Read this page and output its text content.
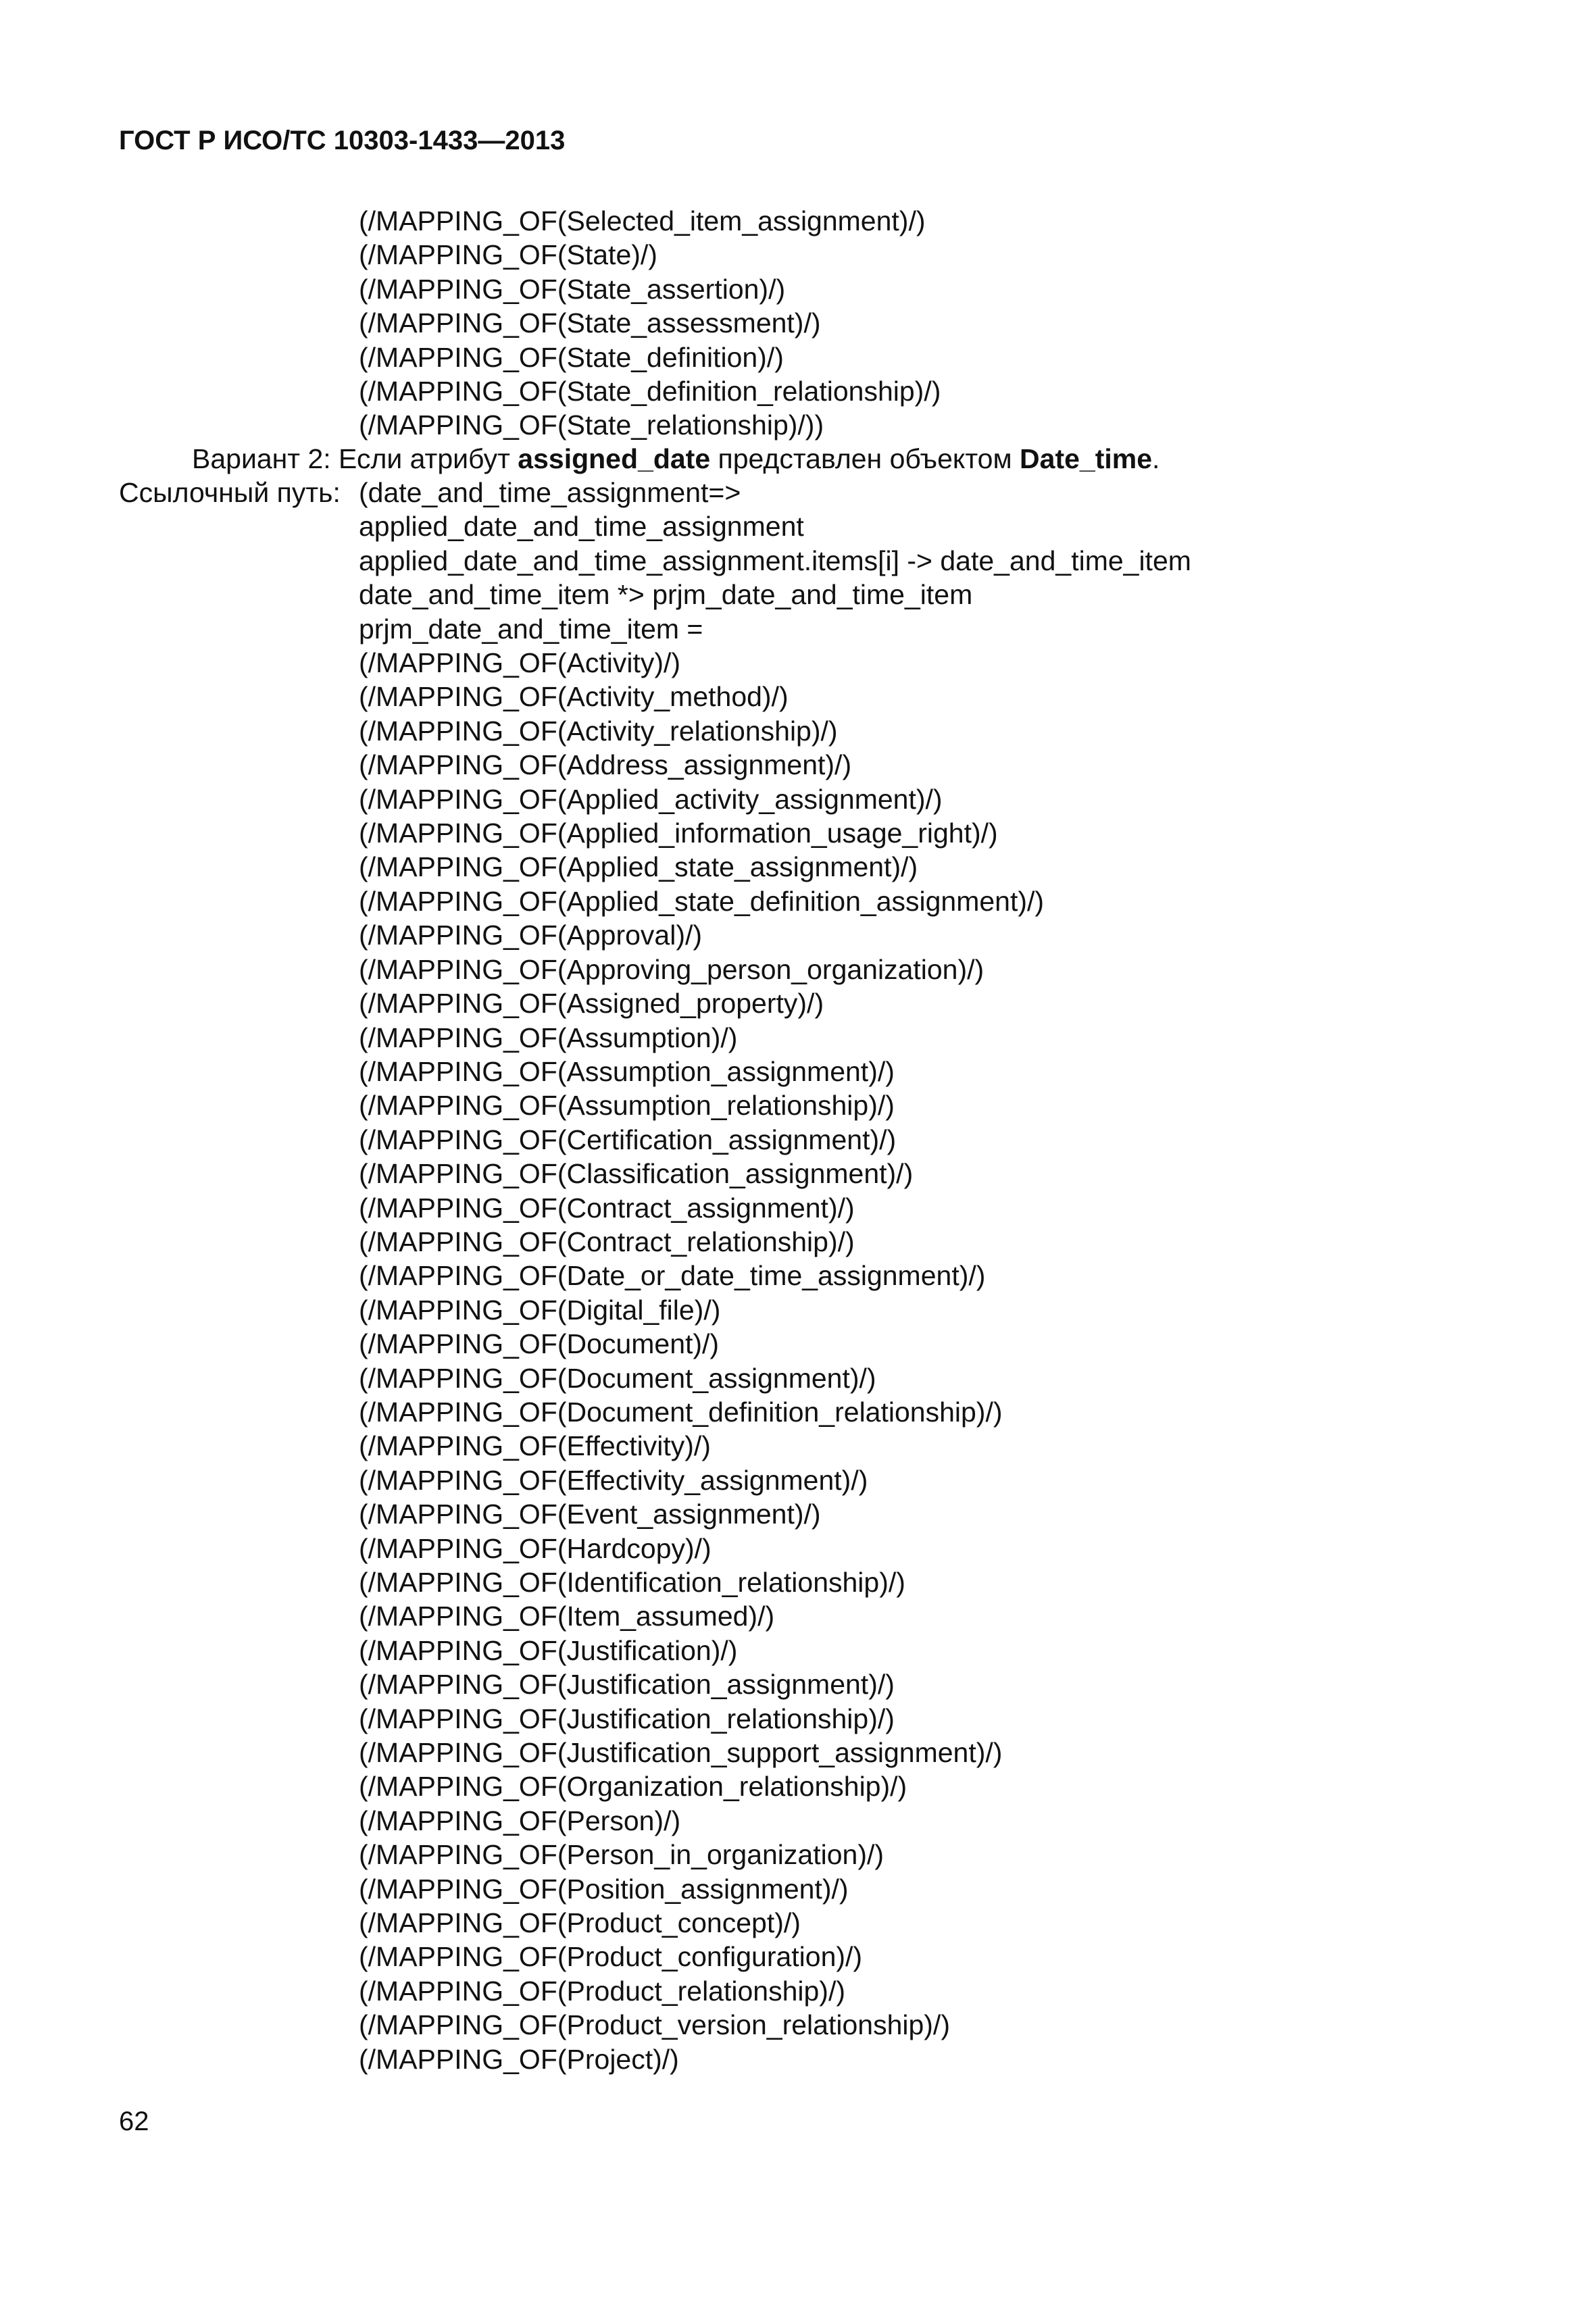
ГОСТ Р ИСО/ТС 10303-1433—2013
(/MAPPING_OF(Selected_item_assignment)/)
(/MAPPING_OF(State)/)
(/MAPPING_OF(State_assertion)/)
(/MAPPING_OF(State_assessment)/)
(/MAPPING_OF(State_definition)/)
(/MAPPING_OF(State_definition_relationship)/)
(/MAPPING_OF(State_relationship)/))
Вариант 2: Если атрибут assigned_date представлен объектом Date_time.
Ссылочный путь: (date_and_time_assignment=>
applied_date_and_time_assignment
applied_date_and_time_assignment.items[i] -> date_and_time_item
date_and_time_item *> prjm_date_and_time_item
prjm_date_and_time_item =
(/MAPPING_OF(Activity)/)
(/MAPPING_OF(Activity_method)/)
(/MAPPING_OF(Activity_relationship)/)
(/MAPPING_OF(Address_assignment)/)
(/MAPPING_OF(Applied_activity_assignment)/)
(/MAPPING_OF(Applied_information_usage_right)/)
(/MAPPING_OF(Applied_state_assignment)/)
(/MAPPING_OF(Applied_state_definition_assignment)/)
(/MAPPING_OF(Approval)/)
(/MAPPING_OF(Approving_person_organization)/)
(/MAPPING_OF(Assigned_property)/)
(/MAPPING_OF(Assumption)/)
(/MAPPING_OF(Assumption_assignment)/)
(/MAPPING_OF(Assumption_relationship)/)
(/MAPPING_OF(Certification_assignment)/)
(/MAPPING_OF(Classification_assignment)/)
(/MAPPING_OF(Contract_assignment)/)
(/MAPPING_OF(Contract_relationship)/)
(/MAPPING_OF(Date_or_date_time_assignment)/)
(/MAPPING_OF(Digital_file)/)
(/MAPPING_OF(Document)/)
(/MAPPING_OF(Document_assignment)/)
(/MAPPING_OF(Document_definition_relationship)/)
(/MAPPING_OF(Effectivity)/)
(/MAPPING_OF(Effectivity_assignment)/)
(/MAPPING_OF(Event_assignment)/)
(/MAPPING_OF(Hardcopy)/)
(/MAPPING_OF(Identification_relationship)/)
(/MAPPING_OF(Item_assumed)/)
(/MAPPING_OF(Justification)/)
(/MAPPING_OF(Justification_assignment)/)
(/MAPPING_OF(Justification_relationship)/)
(/MAPPING_OF(Justification_support_assignment)/)
(/MAPPING_OF(Organization_relationship)/)
(/MAPPING_OF(Person)/)
(/MAPPING_OF(Person_in_organization)/)
(/MAPPING_OF(Position_assignment)/)
(/MAPPING_OF(Product_concept)/)
(/MAPPING_OF(Product_configuration)/)
(/MAPPING_OF(Product_relationship)/)
(/MAPPING_OF(Product_version_relationship)/)
(/MAPPING_OF(Project)/)
62
